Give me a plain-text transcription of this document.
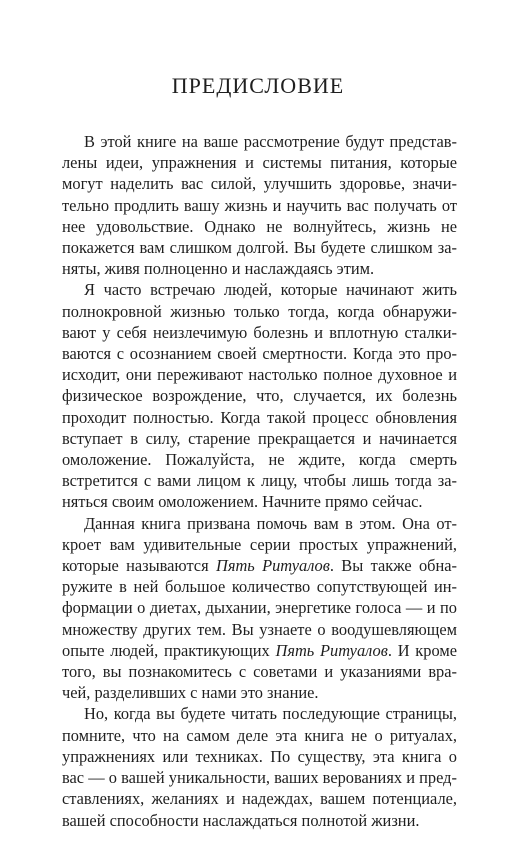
ПРЕДИСЛОВИЕ

В этой книге на ваше рассмотрение будут представлены идеи, упражнения и системы питания, которые могут наделить вас силой, улучшить здоровье, значительно продлить вашу жизнь и научить вас получать от нее удовольствие. Однако не волнуйтесь, жизнь не покажется вам слишком долгой. Вы будете слишком заняты, живя полноценно и наслаждаясь этим.

Я часто встречаю людей, которые начинают жить полнокровной жизнью только тогда, когда обнаруживают у себя неизлечимую болезнь и вплотную сталкиваются с осознанием своей смертности. Когда это происходит, они переживают настолько полное духовное и физическое возрождение, что, случается, их болезнь проходит полностью. Когда такой процесс обновления вступает в силу, старение прекращается и начинается омоложение. Пожалуйста, не ждите, когда смерть встретится с вами лицом к лицу, чтобы лишь тогда заняться своим омоложением. Начните прямо сейчас.

Данная книга призвана помочь вам в этом. Она откроет вам удивительные серии простых упражнений, которые называются Пять Ритуалов. Вы также обнаружите в ней большое количество сопутствующей информации о диетах, дыхании, энергетике голоса — и по множеству других тем. Вы узнаете о воодушевляющем опыте людей, практикующих Пять Ритуалов. И кроме того, вы познакомитесь с советами и указаниями врачей, разделивших с нами это знание.

Но, когда вы будете читать последующие страницы, помните, что на самом деле эта книга не о ритуалах, упражнениях или техниках. По существу, эта книга о вас — о вашей уникальности, ваших верованиях и представлениях, желаниях и надеждах, вашем потенциале, вашей способности наслаждаться полнотой жизни.
